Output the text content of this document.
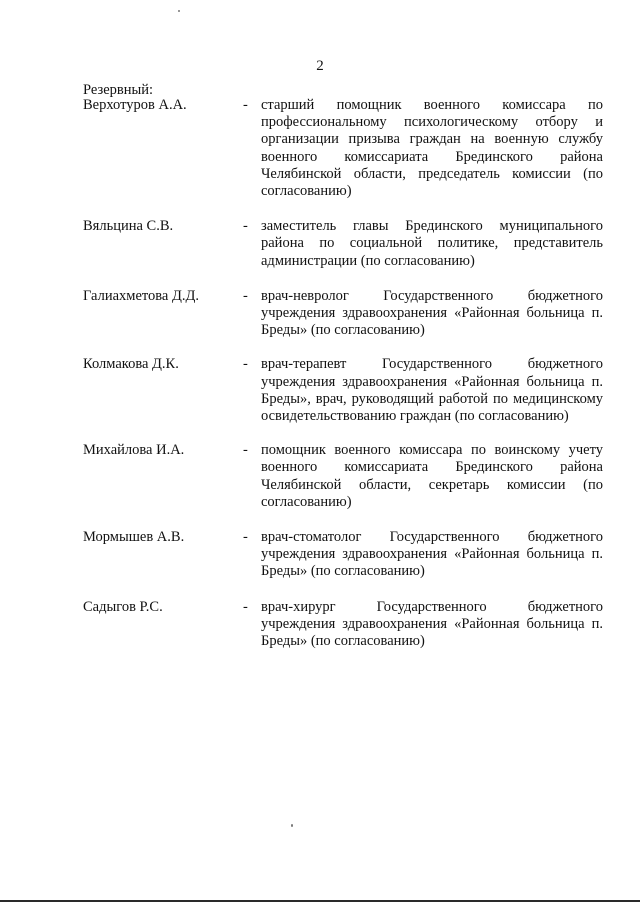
2
Резервный:
Верхотуров А.А.	- старший помощник военного комиссара по профессиональному психологическому отбору и организации призыва граждан на военную службу военного комиссариата Брединского района Челябинской области, председатель комиссии (по согласованию)
Вяльцина С.В.	- заместитель главы Брединского муниципального района по социальной политике, представитель администрации (по согласованию)
Галиахметова Д.Д.	- врач-невролог Государственного бюджетного учреждения здравоохранения «Районная больница п. Бреды» (по согласованию)
Колмакова Д.К.	- врач-терапевт Государственного бюджетного учреждения здравоохранения «Районная больница п. Бреды», врач, руководящий работой по медицинскому освидетельствованию граждан (по согласованию)
Михайлова И.А.	- помощник военного комиссара по воинскому учету военного комиссариата Брединского района Челябинской области, секретарь комиссии (по согласованию)
Мормышев А.В.	- врач-стоматолог Государственного бюджетного учреждения здравоохранения «Районная больница п. Бреды» (по согласованию)
Садыгов Р.С.	- врач-хирург Государственного бюджетного учреждения здравоохранения «Районная больница п. Бреды» (по согласованию)
